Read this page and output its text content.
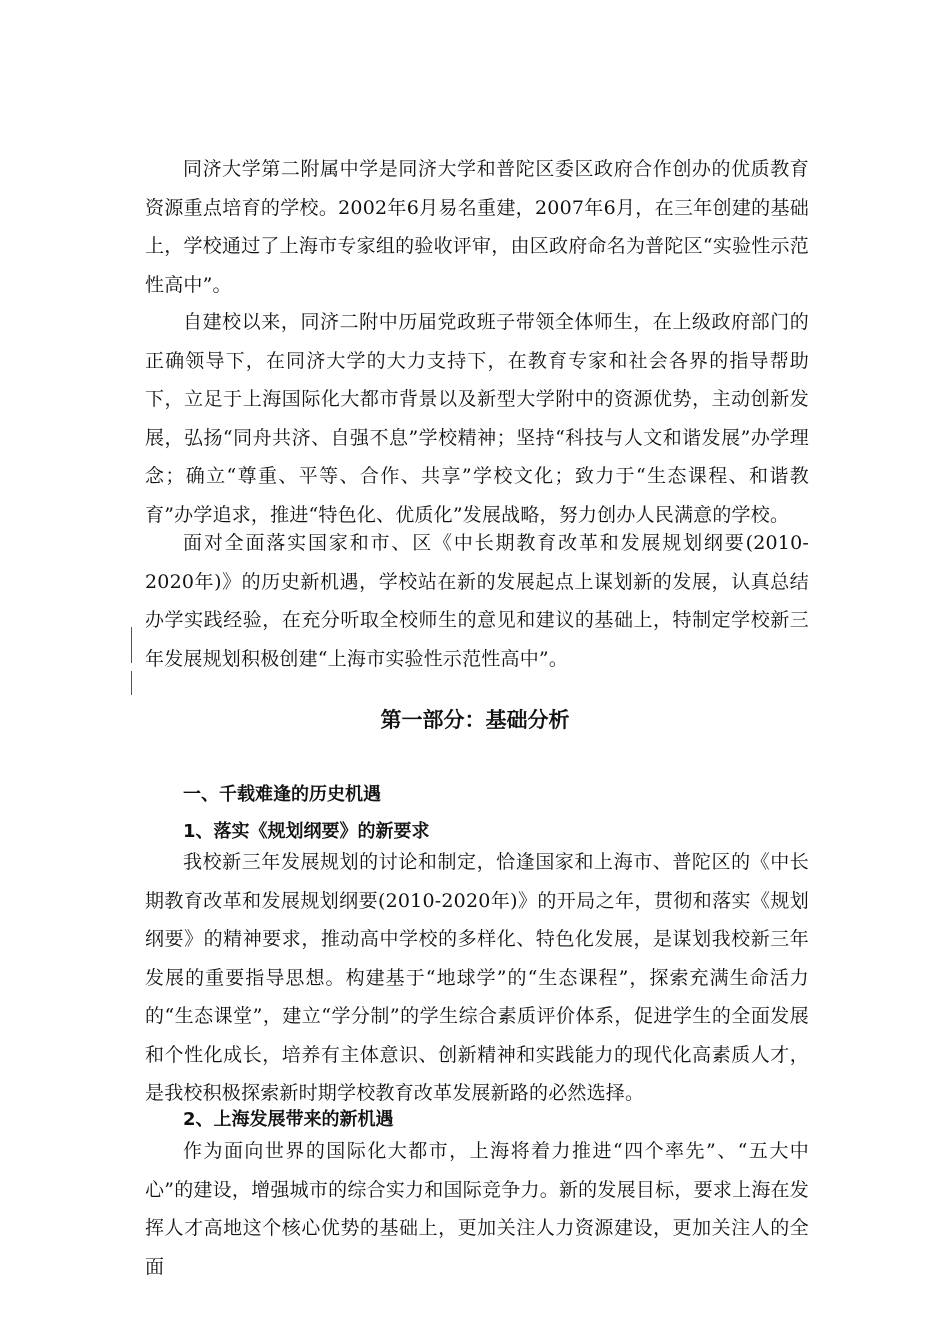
同济大学第二附属中学是同济大学和普陀区委区政府合作创办的优质教育资源重点培育的学校。2002年6月易名重建，2007年6月，在三年创建的基础上，学校通过了上海市专家组的验收评审，由区政府命名为普陀区“实验性示范性高中”。

自建校以来，同济二附中历届党政班子带领全体师生，在上级政府部门的正确领导下，在同济大学的大力支持下，在教育专家和社会各界的指导帮助下，立足于上海国际化大都市背景以及新型大学附中的资源优势，主动创新发展，弘扬“同舟共济、自强不息”学校精神；坚持“科技与人文和谐发展”办学理念；确立“尊重、平等、合作、共享”学校文化；致力于“生态课程、和谐教育”办学追求，推进“特色化、优质化”发展战略，努力创办人民满意的学校。

面对全面落实国家和市、区《中长期教育改革和发展规划纲要(2010-2020年)》的历史新机遇，学校站在新的发展起点上谋划新的发展，认真总结办学实践经验，在充分听取全校师生的意见和建议的基础上，特制定学校新三年发展规划积极创建“上海市实验性示范性高中”。

第一部分：基础分析
一、千载难逢的历史机遇
1、落实《规划纲要》的新要求

我校新三年发展规划的讨论和制定，恰逢国家和上海市、普陀区的《中长期教育改革和发展规划纲要(2010-2020年)》的开局之年，贯彻和落实《规划纲要》的精神要求，推动高中学校的多样化、特色化发展，是谋划我校新三年发展的重要指导思想。构建基于“地球学”的“生态课程”，探索充满生命活力的“生态课堂”，建立“学分制”的学生综合素质评价体系，促进学生的全面发展和个性化成长，培养有主体意识、创新精神和实践能力的现代化高素质人才，是我校积极探索新时期学校教育改革发展新路的必然选择。

2、上海发展带来的新机遇

作为面向世界的国际化大都市，上海将着力推进“四个率先”、“五大中心”的建设，增强城市的综合实力和国际竞争力。新的发展目标，要求上海在发挥人才高地这个核心优势的基础上，更加关注人力资源建设，更加关注人的全面
